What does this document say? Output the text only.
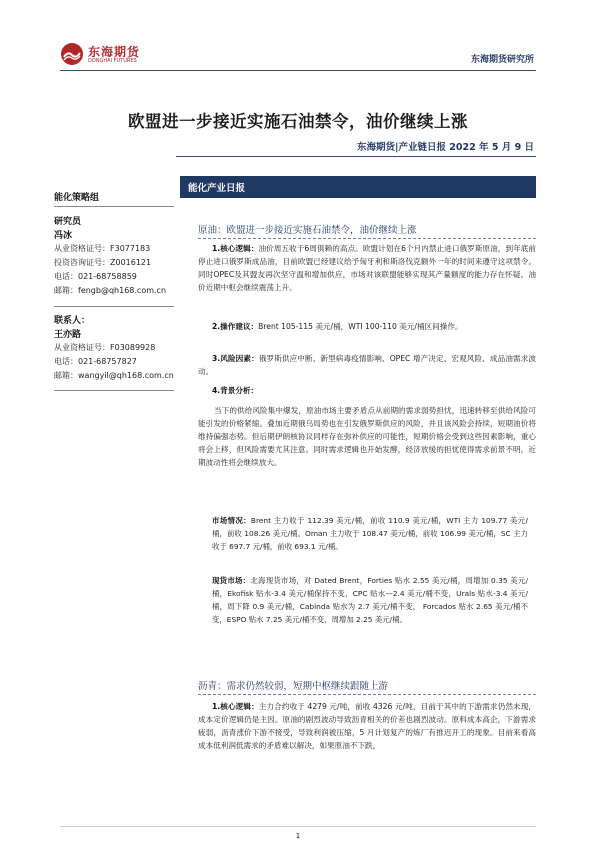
东海期货
DONGHAI FUTURES	东海期货研究所
欧盟进一步接近实施石油禁令，油价继续上涨
东海期货|产业链日报 2022 年 5 月 9 日
能化策略组
研究员
冯冰
从业资格证号：F3077183
投资咨询证号：Z0016121
电话：021-68758859
邮箱：fengb@qh168.com.cn
联系人：
王亦路
从业资格证号：F03089928
电话：021-68757827
邮箱：wangyil@qh168.com.cn
能化产业日报
原油：欧盟进一步接近实施石油禁令，油价继续上涨
1.核心逻辑：油价周五收于6周俱赖的高点。欧盟计划在6个月内禁止进口俄罗斯原油，到年底前停止进口俄罗斯成品油，目前欧盟已经建议给予匈牙利和斯洛伐克额外一年的时间来遵守这项禁令。同时OPEC及其盟友再次坚守温和增加供应，市场对该联盟能够实现其产量额度的能力存在怀疑。油价近期中枢会继续震荡上升。
2.操作建议：Brent 105-115 美元/桶，WTI 100-110 美元/桶区间操作。
3.风险因素：俄罗斯供应中断、新型病毒疫情影响、OPEC 增产决定、宏观风险、成品油需求波动。
4.背景分析：
当下的供给风险集中爆发，原油市场主要矛盾点从前期的需求弱势担忧，迅速转移至供给风险可能引发的价格紧缩。叠加近期俄乌局势也在引发俄罗斯供应的风险，并且该风险会持续，短期油价将维持偏强态势。但后期伊朗核协议同样存在弥补供应的可能性，短期价格会受到这些因素影响，重心将会上移，但风险需要尤其注意。同时需求逻辑也开始发酵，经济放缓的担忧使得需求前景不明，近期波动性将会继续放大。
市场情况：Brent 主力收于 112.39 美元/桶，前收 110.9 美元/桶，WTI 主力 109.77 美元/桶，前收 108.26 美元/桶。Oman 主力收于 108.47 美元/桶，前收 106.99 美元/桶，SC 主力收于 697.7 元/桶，前收 693.1 元/桶。
现货市场：北海现货市场，对 Dated Brent，Forties 贴水 2.55 美元/桶，周增加 0.35 美元/桶，Ekofisk 贴水-3.4 美元/桶保持不变，CPC 贴水—2.4 美元/桶不变，Urals 贴水-3.4 美元/桶，周下降 0.9 美元/桶，Cabinda 贴水为 2.7 美元/桶不变， Forcados 贴水 2.65 美元/桶不变，ESPO 贴水 7.25 美元/桶不变，周增加 2.25 美元/桶。
沥青：需求仍然较弱，短期中枢继续跟随上游
1.核心逻辑：主力合约收于 4279 元/吨，前收 4326 元/吨，目前于其中的下游需求仍然未现，成本定价逻辑仍是主因。原油的剧烈波动导致沥青相关的价差也剧烈波动。原料成本高企，下游需求疲弱，沥青涨价下游不接受，导致利润被压缩，5 月计划复产的炼厂有推迟开工的现象。目前来看高成本低利润低需求的矛盾难以解决，如果原油不下跌，
1
